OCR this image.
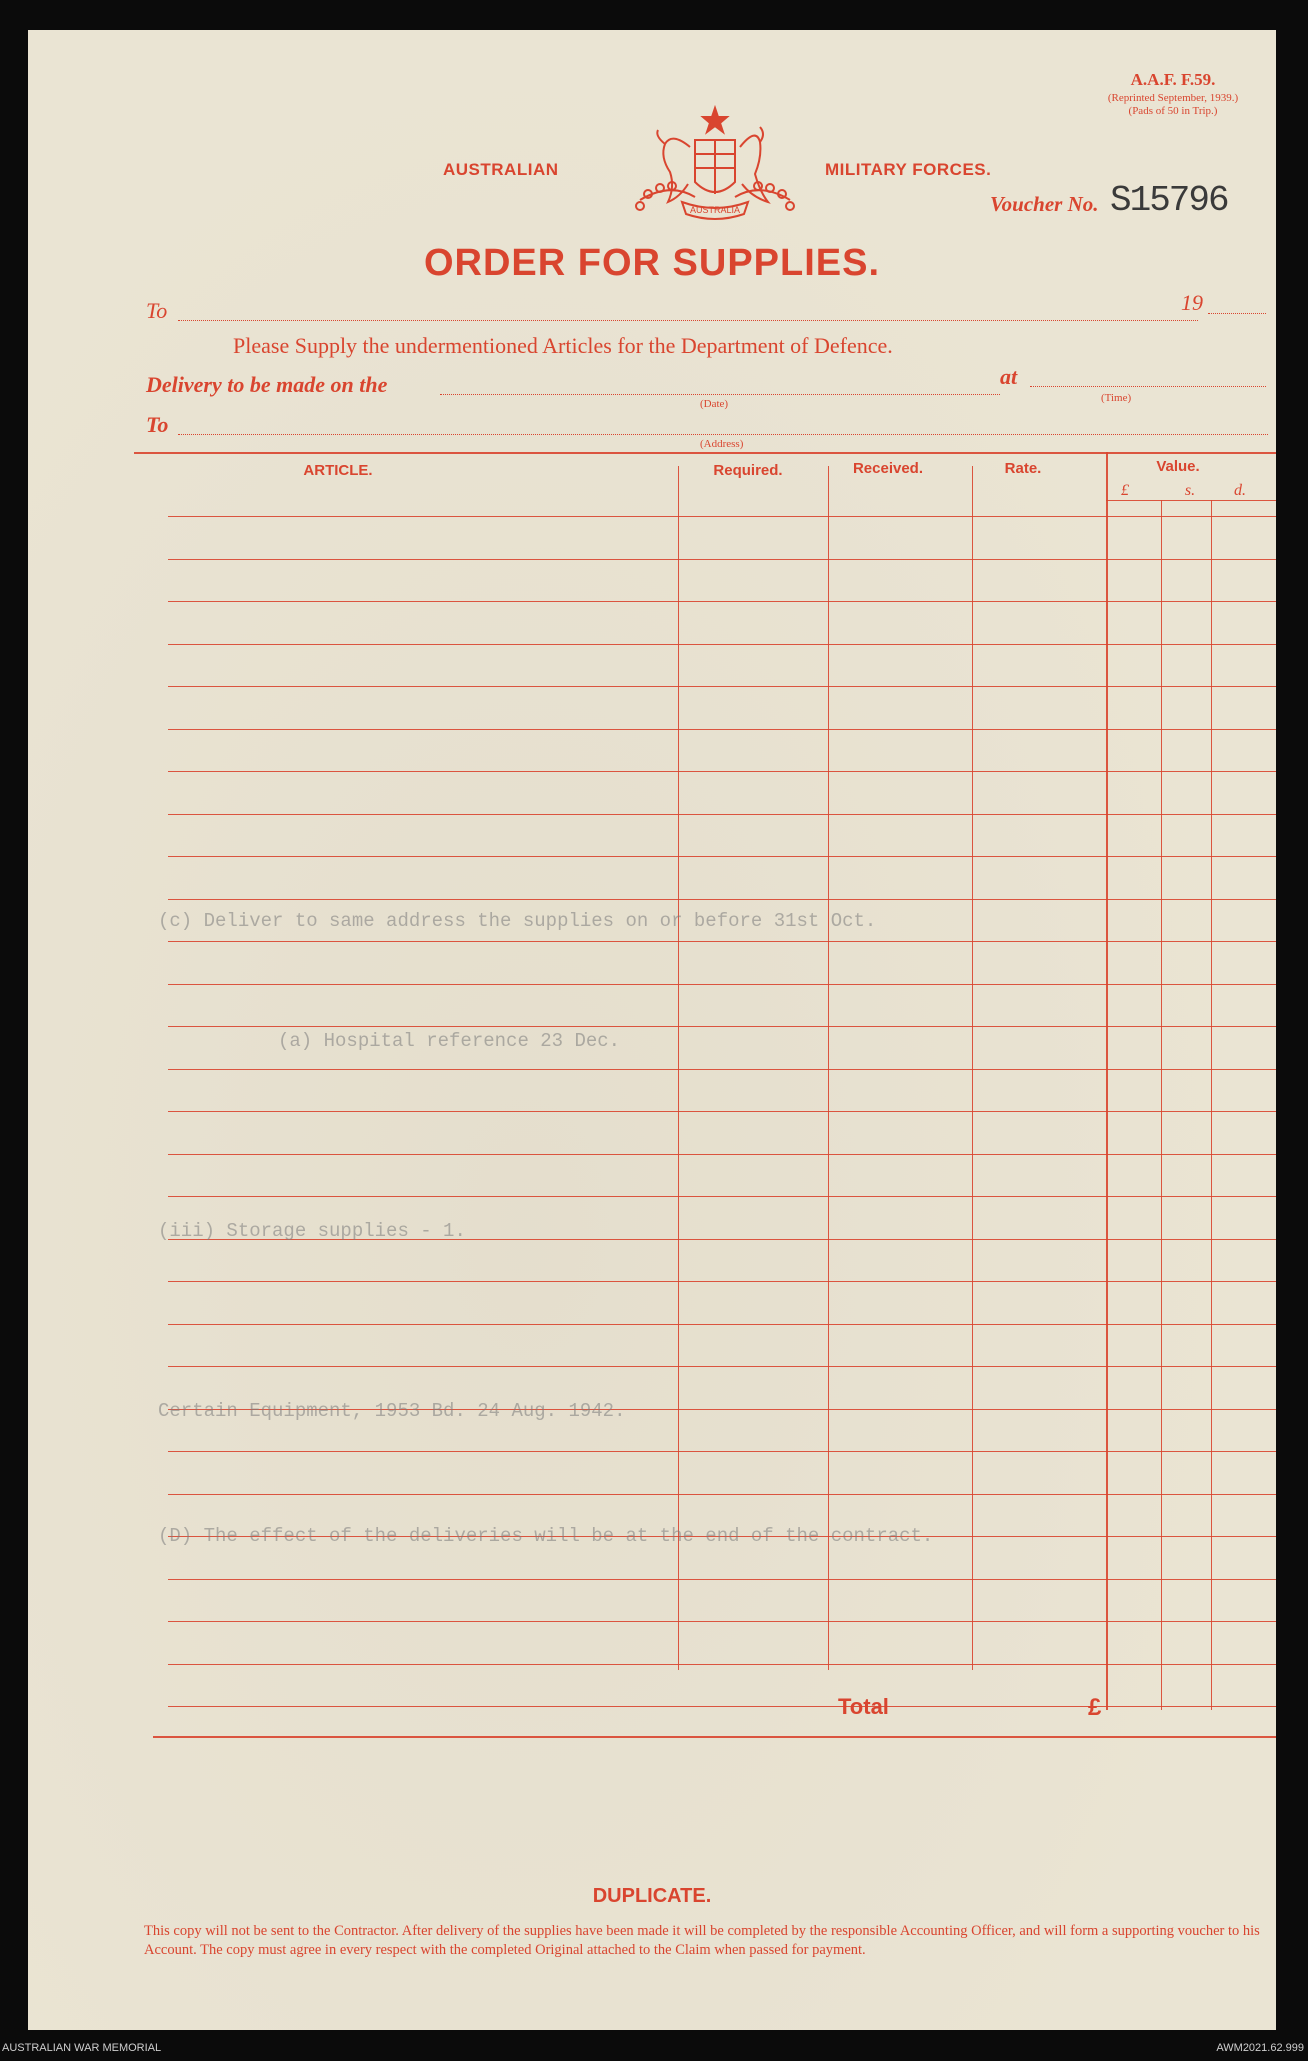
A.A.F. F.59.
(Reprinted September, 1939.)
(Pads of 50 in Trip.)
AUSTRALIAN
AUSTRALIA
MILITARY FORCES.
Voucher No. S15796
ORDER FOR SUPPLIES.
To	19
Please Supply the undermentioned Articles for the Department of Defence.
Delivery to be made on the
(Date)
at
(Time)
To
(Address)
ARTICLE.	Required.	Received.	Rate.	Value.
£	s.	d.
(c) Deliver to same address the supplies on or before 31st Oct.
(a) Hospital reference 23 Dec.
(iii) Storage supplies - 1.
Certain Equipment, 1953 Bd. 24 Aug. 1942.
(D) The effect of the deliveries will be at the end of the contract.
Total	£
DUPLICATE.
This copy will not be sent to the Contractor. After delivery of the supplies have been made it will be completed by the responsible Accounting Officer, and will form a supporting voucher to his Account. The copy must agree in every respect with the completed Original attached to the Claim when passed for payment.
AUSTRALIAN WAR MEMORIAL	AWM2021.62.999
